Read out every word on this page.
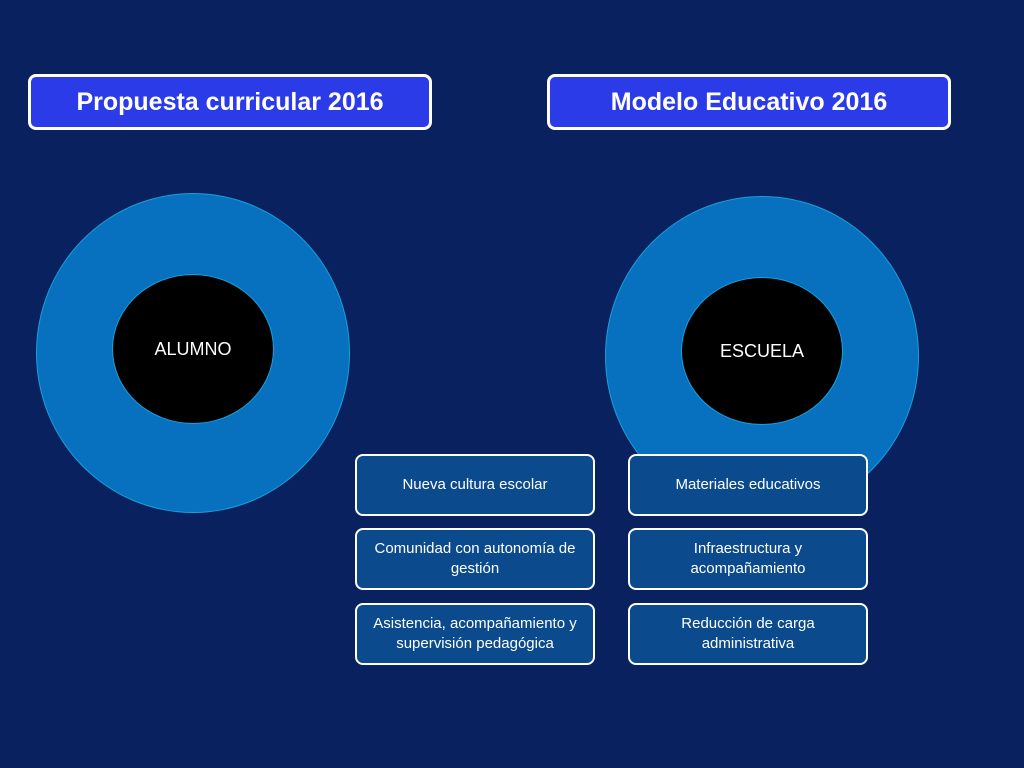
Propuesta curricular 2016	Modelo Educativo 2016
ALUMNO	ESCUELA
Nueva cultura escolar
Comunidad con autonomía de gestión
Asistencia, acompañamiento y supervisión pedagógica
Materiales educativos
Infraestructura y acompañamiento
Reducción de carga administrativa
